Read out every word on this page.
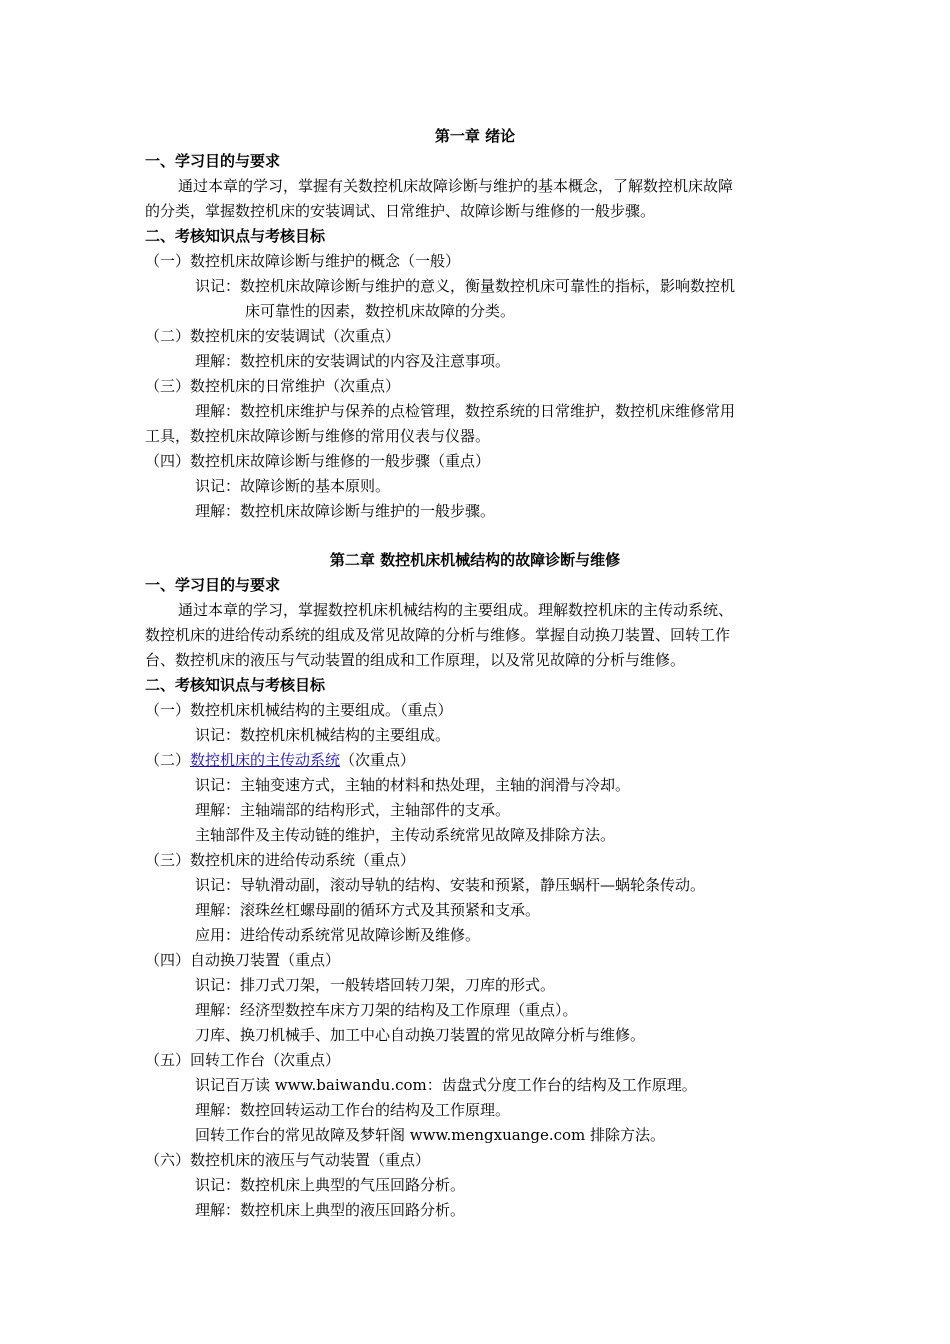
第一章 绪论
一、学习目的与要求
通过本章的学习，掌握有关数控机床故障诊断与维护的基本概念，了解数控机床故障
的分类，掌握数控机床的安装调试、日常维护、故障诊断与维修的一般步骤。
二、考核知识点与考核目标
（一）数控机床故障诊断与维护的概念（一般）
识记：数控机床故障诊断与维护的意义，衡量数控机床可靠性的指标，影响数控机
床可靠性的因素，数控机床故障的分类。
（二）数控机床的安装调试（次重点）
理解：数控机床的安装调试的内容及注意事项。
（三）数控机床的日常维护（次重点）
理解：数控机床维护与保养的点检管理，数控系统的日常维护，数控机床维修常用
工具，数控机床故障诊断与维修的常用仪表与仪器。
（四）数控机床故障诊断与维修的一般步骤（重点）
识记：故障诊断的基本原则。
理解：数控机床故障诊断与维护的一般步骤。
第二章 数控机床机械结构的故障诊断与维修
一、学习目的与要求
通过本章的学习，掌握数控机床机械结构的主要组成。理解数控机床的主传动系统、
数控机床的进给传动系统的组成及常见故障的分析与维修。掌握自动换刀装置、回转工作
台、数控机床的液压与气动装置的组成和工作原理，以及常见故障的分析与维修。
二、考核知识点与考核目标
（一）数控机床机械结构的主要组成。（重点）
识记：数控机床机械结构的主要组成。
（二）数控机床的主传动系统（次重点）
识记：主轴变速方式，主轴的材料和热处理，主轴的润滑与冷却。
理解：主轴端部的结构形式，主轴部件的支承。
主轴部件及主传动链的维护，主传动系统常见故障及排除方法。
（三）数控机床的进给传动系统（重点）
识记：导轨滑动副，滚动导轨的结构、安装和预紧，静压蜗杆—蜗轮条传动。
理解：滚珠丝杠螺母副的循环方式及其预紧和支承。
应用：进给传动系统常见故障诊断及维修。
（四）自动换刀装置（重点）
识记：排刀式刀架，一般转塔回转刀架，刀库的形式。
理解：经济型数控车床方刀架的结构及工作原理（重点）。
刀库、换刀机械手、加工中心自动换刀装置的常见故障分析与维修。
（五）回转工作台（次重点）
识记百万读 www.baiwandu.com：齿盘式分度工作台的结构及工作原理。
理解：数控回转运动工作台的结构及工作原理。
回转工作台的常见故障及梦轩阁 www.mengxuange.com 排除方法。
（六）数控机床的液压与气动装置（重点）
识记：数控机床上典型的气压回路分析。
理解：数控机床上典型的液压回路分析。
